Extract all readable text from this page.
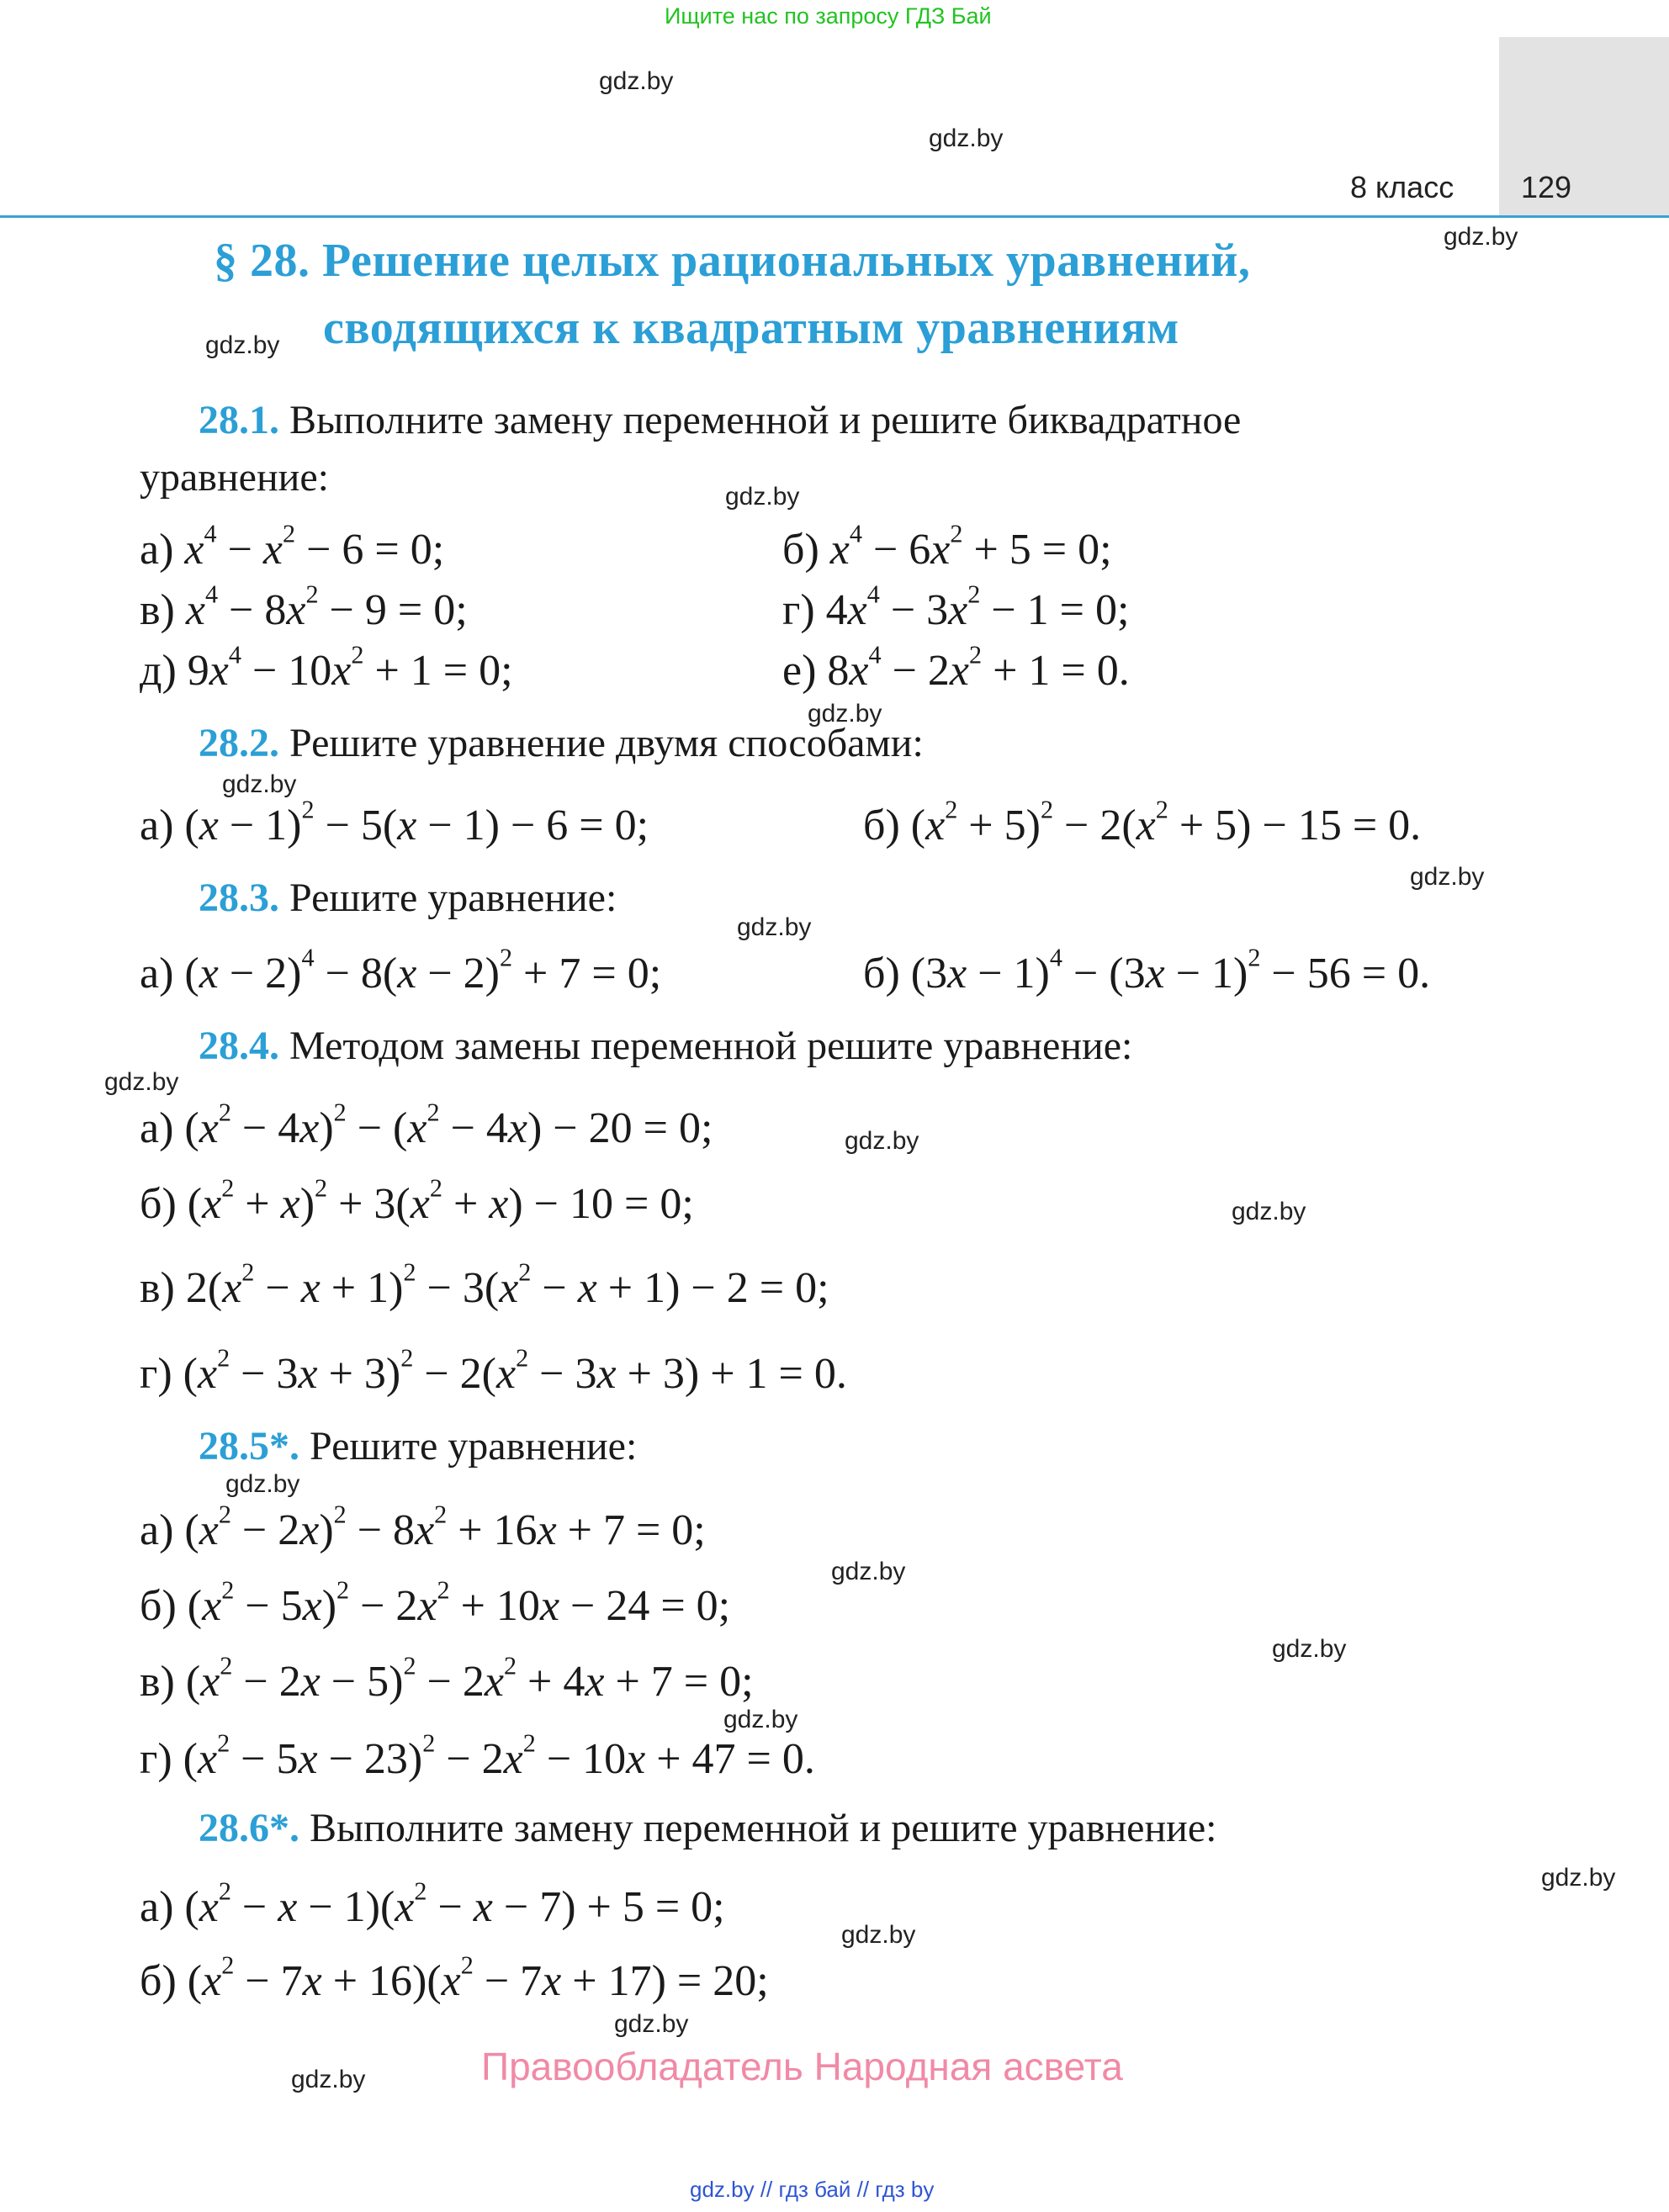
Ищите нас по запросу ГДЗ Бай
8 класс 129
gdz.by
gdz.by
gdz.by
gdz.by
gdz.by
gdz.by
gdz.by
gdz.by
gdz.by
gdz.by
gdz.by
gdz.by
gdz.by
gdz.by
gdz.by
gdz.by
gdz.by
gdz.by
gdz.by
gdz.by
§ 28. Решение целых рациональных уравнений,
сводящихся к квадратным уравнениям
28.1. Выполните замену переменной и решите биквадратное
уравнение:
а) $x^4 - x^2 - 6 = 0$;	б) $x^4 - 6x^2 + 5 = 0$;
в) $x^4 - 8x^2 - 9 = 0$;	г) $4x^4 - 3x^2 - 1 = 0$;
д) $9x^4 - 10x^2 + 1 = 0$;	е) $8x^4 - 2x^2 + 1 = 0$.
28.2. Решите уравнение двумя способами:
а) $(x - 1)^2 - 5(x - 1) - 6 = 0$;	б) $(x^2 + 5)^2 - 2(x^2 + 5) - 15 = 0$.
28.3. Решите уравнение:
а) $(x - 2)^4 - 8(x - 2)^2 + 7 = 0$;	б) $(3x - 1)^4 - (3x - 1)^2 - 56 = 0$.
28.4. Методом замены переменной решите уравнение:
а) $(x^2 - 4x)^2 - (x^2 - 4x) - 20 = 0$;
б) $(x^2 + x)^2 + 3(x^2 + x) - 10 = 0$;
в) $2(x^2 - x + 1)^2 - 3(x^2 - x + 1) - 2 = 0$;
г) $(x^2 - 3x + 3)^2 - 2(x^2 - 3x + 3) + 1 = 0$.
28.5*. Решите уравнение:
а) $(x^2 - 2x)^2 - 8x^2 + 16x + 7 = 0$;
б) $(x^2 - 5x)^2 - 2x^2 + 10x - 24 = 0$;
в) $(x^2 - 2x - 5)^2 - 2x^2 + 4x + 7 = 0$;
г) $(x^2 - 5x - 23)^2 - 2x^2 - 10x + 47 = 0$.
28.6*. Выполните замену переменной и решите уравнение:
а) $(x^2 - x - 1)(x^2 - x - 7) + 5 = 0$;
б) $(x^2 - 7x + 16)(x^2 - 7x + 17) = 20$;
Правообладатель Народная асвета
gdz.by // гдз бай // гдз by
